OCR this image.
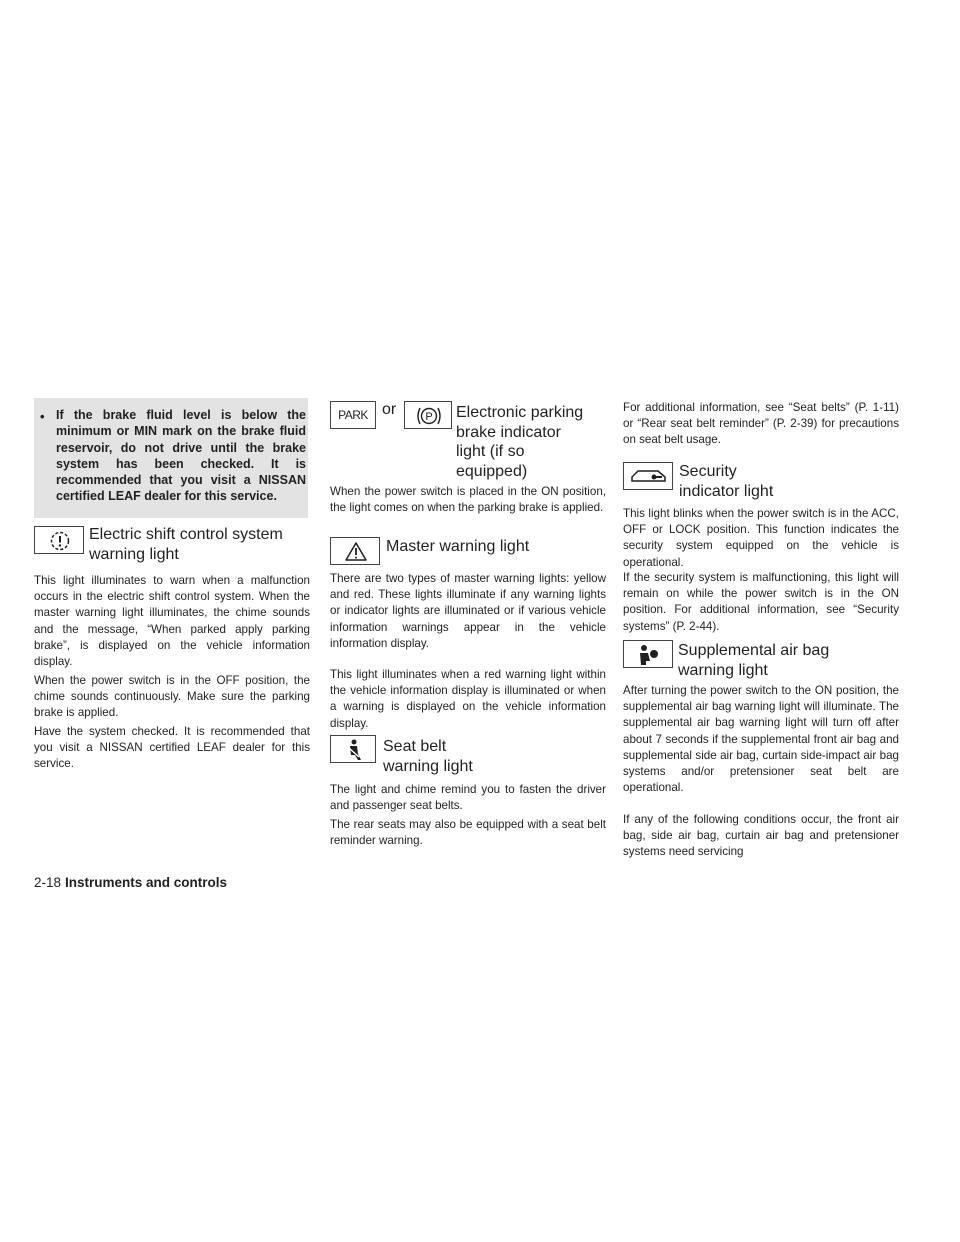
• If the brake fluid level is below the minimum or MIN mark on the brake fluid reservoir, do not drive until the brake system has been checked. It is recommended that you visit a NISSAN certified LEAF dealer for this service.

Electric shift control system
warning light

This light illuminates to warn when a malfunction occurs in the electric shift control system. When the master warning light illuminates, the chime sounds and the message, “When parked apply parking brake”, is displayed on the vehicle information display.

When the power switch is in the OFF position, the chime sounds continuously. Make sure the parking brake is applied.

Have the system checked. It is recommended that you visit a NISSAN certified LEAF dealer for this service.

PARK or	P Electronic parking
brake indicator
light (if so
equipped)

When the power switch is placed in the ON position, the light comes on when the parking brake is applied.

Master warning light

There are two types of master warning lights: yellow and red. These lights illuminate if any warning lights or indicator lights are illuminated or if various vehicle information warnings appear in the vehicle information display.

This light illuminates when a red warning light within the vehicle information display is illuminated or when a warning is displayed on the vehicle information display.

Seat belt
warning light

The light and chime remind you to fasten the driver and passenger seat belts.

The rear seats may also be equipped with a seat belt reminder warning.

For additional information, see “Seat belts” (P. 1-11) or “Rear seat belt reminder” (P. 2-39) for precautions on seat belt usage.

Security
indicator light

This light blinks when the power switch is in the ACC, OFF or LOCK position. This function indicates the security system equipped on the vehicle is operational.

If the security system is malfunctioning, this light will remain on while the power switch is in the ON position. For additional information, see “Security systems” (P. 2-44).

Supplemental air bag
warning light

After turning the power switch to the ON position, the supplemental air bag warning light will illuminate. The supplemental air bag warning light will turn off after about 7 seconds if the supplemental front air bag and supplemental side air bag, curtain side-impact air bag systems and/or pretensioner seat belt are operational.

If any of the following conditions occur, the front air bag, side air bag, curtain air bag and pretensioner systems need servicing

2-18 Instruments and controls
